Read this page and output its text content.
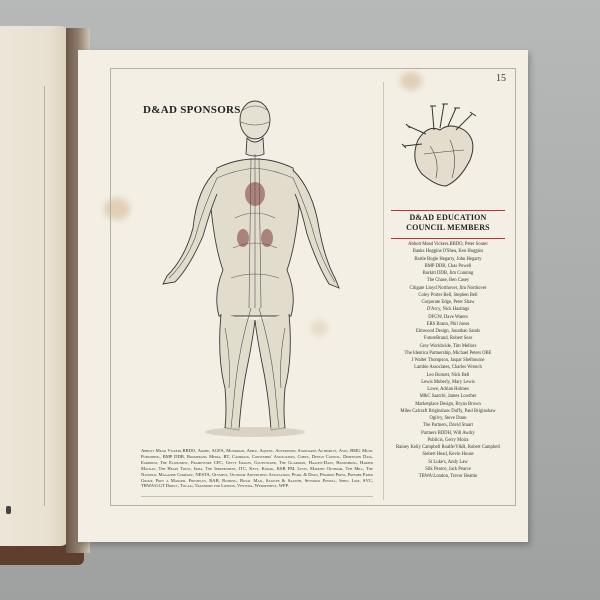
15
D&AD SPONSORS
D&AD EDUCATION COUNCIL MEMBERS
Abbott Mead Vickers.BBDO, Peter Souter
Banks Hoggins O'Shea, Ken Hoggins
Bartle Bogle Hegarty, John Hegarty
BMP DDB, Chas Powell
Burkitt DDB, Jim Cunning
The Chase, Ben Casey
Citigate Lloyd Northover, Jim Northover
Coley Porter Bell, Stephen Bell
Corporate Edge, Peter Shaw
D'Arcy, Nick Hastings
DFGW, Dave Waters
ERS Brann, Phil Jones
Elmwood Design, Jonathan Sands
FutureBrand, Robert Sear
Grey Worldwide, Tim Mellors
The Identica Partnership, Michael Peters OBE
J Walter Thompson, Jaspar Shelbourne
Lambie Associates, Charles Wrench
Leo Burnett, Nick Bell
Lewis Moberly, Mary Lewis
Lowe, Adrian Holmes
M&C Saatchi, James Lowther
Marketplace Design, Bryan Brown
Miles Calcraft Briginshaw Duffy, Paul Briginshaw
Ogilvy, Steve Dunn
The Partners, David Stuart
Partners BDDH, Will Awdry
Publicis, Gerry Moira
Rainey Kelly Campbell Roalfe/Y&R, Robert Campbell
Siebert Head, Kevin House
St Luke's, Andy Law
Silk Pearce, Jack Pearce
TBWA\London, Trevor Beattie
Abbott Mead Vickers.BBDO, Adobe, AGFA, Mondrian, Apple, Aquent, Advertising Standards Authority, Avid, BMG Music Publishing, BMP DDB, Boomerang Media, BT, Campaign, Consumers' Association, Cobus, Design Council, Dimension Data, Eardrum, The Economist, Framestore CFC, Getty Images, Gluesticker, The Guardian, Haagen-Dazs, Handspring, Harper Mackay, The Heart Trust, Irma, The Independent, ITC, Kevs, Kodak, KSB FM, Levis, Madden Outdoor, The Mill, The National Magazine Company, NESTA, Olympus, Outdoor Advertising Association, Pearl & Dean, Phaidon Press, Premier Paper Group, Pret a Manger, Pressplus, RAB, Rotring, Royal Mail, Saatchi & Saatchi, Seymour Powell, Shell Like, SVC, TBWA\GGT Direct, Tiscali, Transport for London, Ventura, Webopteryx, WPP.
